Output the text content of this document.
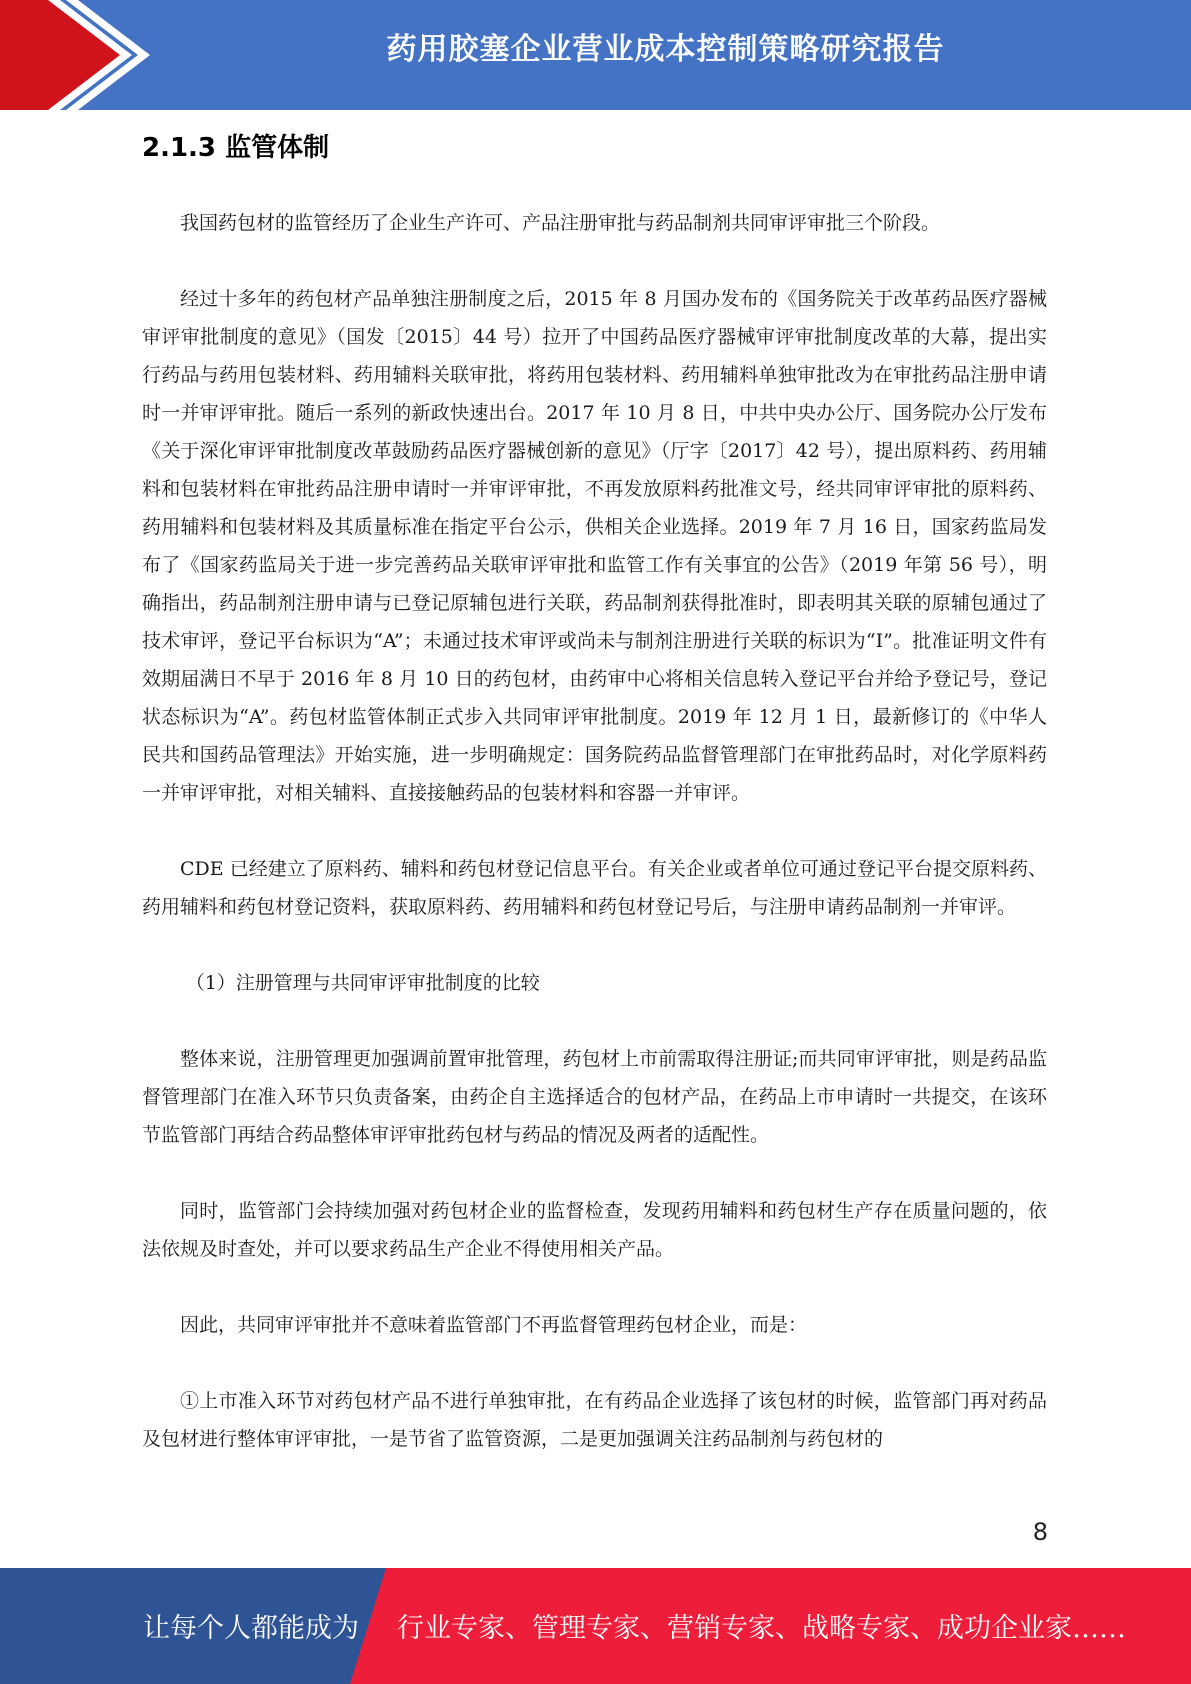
药用胶塞企业营业成本控制策略研究报告
2.1.3 监管体制

我国药包材的监管经历了企业生产许可、产品注册审批与药品制剂共同审评审批三个阶段。

经过十多年的药包材产品单独注册制度之后，2015 年 8 月国办发布的《国务院关于改革药品医疗器械审评审批制度的意见》（国发〔2015〕44 号）拉开了中国药品医疗器械审评审批制度改革的大幕，提出实行药品与药用包装材料、药用辅料关联审批，将药用包装材料、药用辅料单独审批改为在审批药品注册申请时一并审评审批。随后一系列的新政快速出台。2017 年 10 月 8 日，中共中央办公厅、国务院办公厅发布《关于深化审评审批制度改革鼓励药品医疗器械创新的意见》（厅字〔2017〕42 号），提出原料药、药用辅料和包装材料在审批药品注册申请时一并审评审批，不再发放原料药批准文号，经共同审评审批的原料药、药用辅料和包装材料及其质量标准在指定平台公示，供相关企业选择。2019 年 7 月 16 日，国家药监局发布了《国家药监局关于进一步完善药品关联审评审批和监管工作有关事宜的公告》（2019 年第 56 号），明确指出，药品制剂注册申请与已登记原辅包进行关联，药品制剂获得批准时，即表明其关联的原辅包通过了技术审评，登记平台标识为“A”；未通过技术审评或尚未与制剂注册进行关联的标识为“I”。批准证明文件有效期届满日不早于 2016 年 8 月 10 日的药包材，由药审中心将相关信息转入登记平台并给予登记号，登记状态标识为“A”。药包材监管体制正式步入共同审评审批制度。2019 年 12 月 1 日，最新修订的《中华人民共和国药品管理法》开始实施，进一步明确规定：国务院药品监督管理部门在审批药品时，对化学原料药一并审评审批，对相关辅料、直接接触药品的包装材料和容器一并审评。

CDE 已经建立了原料药、辅料和药包材登记信息平台。有关企业或者单位可通过登记平台提交原料药、药用辅料和药包材登记资料，获取原料药、药用辅料和药包材登记号后，与注册申请药品制剂一并审评。

（1）注册管理与共同审评审批制度的比较

整体来说，注册管理更加强调前置审批管理，药包材上市前需取得注册证;而共同审评审批，则是药品监督管理部门在准入环节只负责备案，由药企自主选择适合的包材产品，在药品上市申请时一共提交，在该环节监管部门再结合药品整体审评审批药包材与药品的情况及两者的适配性。

同时，监管部门会持续加强对药包材企业的监督检查，发现药用辅料和药包材生产存在质量问题的，依法依规及时查处，并可以要求药品生产企业不得使用相关产品。

因此，共同审评审批并不意味着监管部门不再监督管理药包材企业，而是：

①上市准入环节对药包材产品不进行单独审批，在有药品企业选择了该包材的时候，监管部门再对药品及包材进行整体审评审批，一是节省了监管资源，二是更加强调关注药品制剂与药包材的

8
让每个人都能成为 行业专家、管理专家、营销专家、战略专家、成功企业家……
